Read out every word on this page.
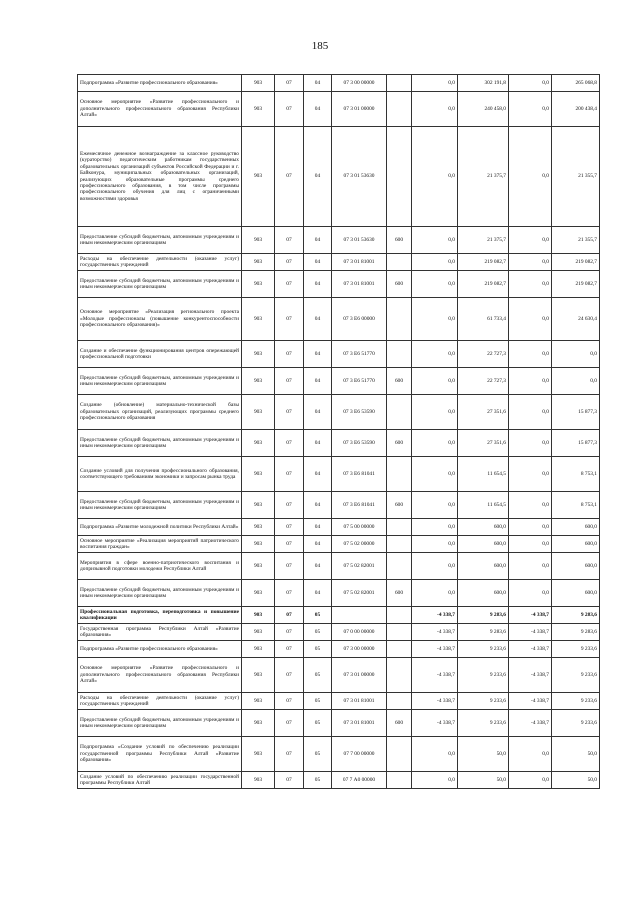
185
Подпрограмма «Развитие профессионального образования»	903	07	04	07 3 00 00000		0,0	302 191,8	0,0	265 068,8
Основное мероприятие «Развитие профессионального и дополнительного профессионального образования Республики Алтай»	903	07	04	07 3 01 00000		0,0	240 458,0	0,0	200 438,4
Ежемесячное денежное вознаграждение за классное руководство (кураторство) педагогическим работникам государственных образовательных организаций субъектов Российской Федерации и г. Байконура, муниципальных образовательных организаций, реализующих образовательные программы среднего профессионального образования, в том числе программы профессионального обучения для лиц с ограниченными возможностями здоровья	903	07	04	07 3 01 53630		0,0	21 375,7	0,0	21 355,7
Предоставление субсидий бюджетным, автономным учреждениям и иным некоммерческим организациям	903	07	04	07 3 01 53630	600	0,0	21 375,7	0,0	21 355,7
Расходы на обеспечение деятельности (оказание услуг) государственных учреждений	903	07	04	07 3 01 81001		0,0	219 082,7	0,0	219 082,7
Предоставление субсидий бюджетным, автономным учреждениям и иным некоммерческим организациям	903	07	04	07 3 01 81001	600	0,0	219 082,7	0,0	219 082,7
Основное мероприятие «Реализация регионального проекта «Молодые профессионалы (повышение конкурентоспособности профессионального образования)»	903	07	04	07 3 E6 00000		0,0	61 733,4	0,0	24 630,4
Создание и обеспечение функционирования центров опережающей профессиональной подготовки	903	07	04	07 3 E6 51770		0,0	22 727,3	0,0	0,0
Предоставление субсидий бюджетным, автономным учреждениям и иным некоммерческим организациям	903	07	04	07 3 E6 51770	600	0,0	22 727,3	0,0	0,0
Создание (обновление) материально-технической базы образовательных организаций, реализующих программы среднего профессионального образования	903	07	04	07 3 E6 53590		0,0	27 351,6	0,0	15 877,3
Предоставление субсидий бюджетным, автономным учреждениям и иным некоммерческим организациям	903	07	04	07 3 E6 53590	600	0,0	27 351,6	0,0	15 877,3
Создание условий для получения профессионального образования, соответствующего требованиям экономики и запросам рынка труда	903	07	04	07 3 E6 81041		0,0	11 654,5	0,0	8 753,1
Предоставление субсидий бюджетным, автономным учреждениям и иным некоммерческим организациям	903	07	04	07 3 E6 81041	600	0,0	11 654,5	0,0	8 753,1
Подпрограмма «Развитие молодежной политики Республики Алтай»	903	07	04	07 5 00 00000		0,0	600,0	0,0	600,0
Основное мероприятие «Реализация мероприятий патриотического воспитания граждан»	903	07	04	07 5 02 00000		0,0	600,0	0,0	600,0
Мероприятия в сфере военно-патриотического воспитания и допризывной подготовки молодежи Республики Алтай	903	07	04	07 5 02 82001		0,0	600,0	0,0	600,0
Предоставление субсидий бюджетным, автономным учреждениям и иным некоммерческим организациям	903	07	04	07 5 02 82001	600	0,0	600,0	0,0	600,0
Профессиональная подготовка, переподготовка и повышение квалификации	903	07	05			-4 338,7	9 283,6	-4 338,7	9 283,6
Государственная программа Республики Алтай «Развитие образования»	903	07	05	07 0 00 00000		-4 338,7	9 283,6	-4 338,7	9 283,6
Подпрограмма «Развитие профессионального образования»	903	07	05	07 3 00 00000		-4 338,7	9 233,6	-4 338,7	9 233,6
Основное мероприятие «Развитие профессионального и дополнительного профессионального образования Республики Алтай»	903	07	05	07 3 01 00000		-4 338,7	9 233,6	-4 338,7	9 233,6
Расходы на обеспечение деятельности (оказание услуг) государственных учреждений	903	07	05	07 3 01 81001		-4 338,7	9 233,6	-4 338,7	9 233,6
Предоставление субсидий бюджетным, автономным учреждениям и иным некоммерческим организациям	903	07	05	07 3 01 81001	600	-4 338,7	9 233,6	-4 338,7	9 233,6
Подпрограмма «Создание условий по обеспечению реализации государственной программы Республики Алтай «Развитие образования»	903	07	05	07 7 00 00000		0,0	50,0	0,0	50,0
Создание условий по обеспечению реализации государственной программы Республики Алтай	903	07	05	07 7 А0 00000		0,0	50,0	0,0	50,0
